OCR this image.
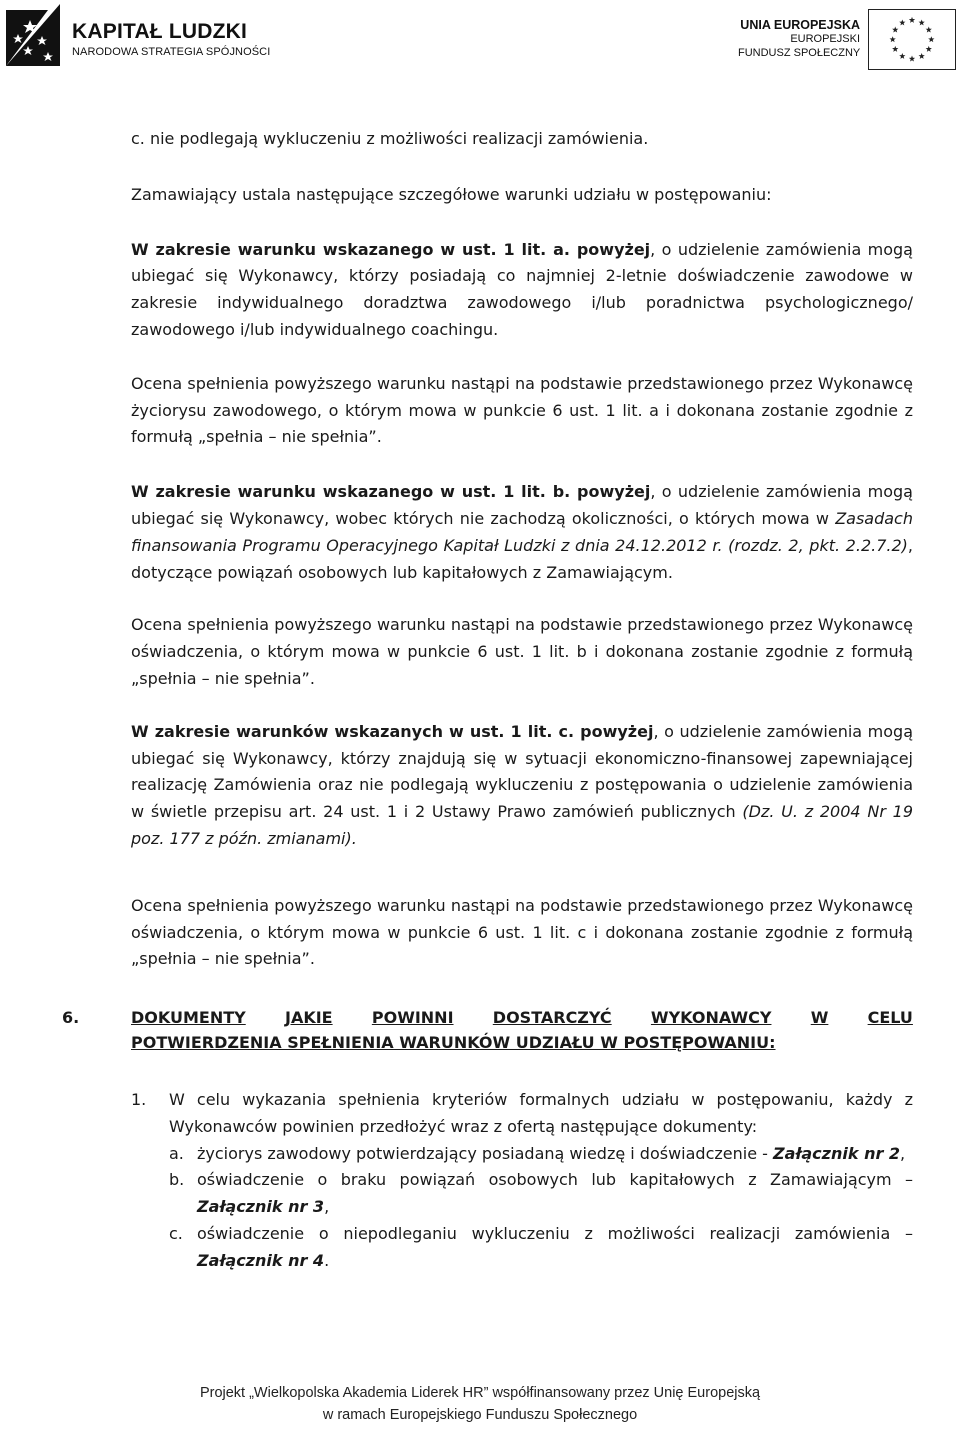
KAPITAŁ LUDZKI
NARODOWA STRATEGIA SPÓJNOŚCI
UNIA EUROPEJSKA
EUROPEJSKI
FUNDUSZ SPOŁECZNY

c. nie podlegają wykluczeniu z możliwości realizacji zamówienia.

Zamawiający ustala następujące szczegółowe warunki udziału w postępowaniu:

W zakresie warunku wskazanego w ust. 1 lit. a. powyżej, o udzielenie zamówienia mogą ubiegać się Wykonawcy, którzy posiadają co najmniej 2-letnie doświadczenie zawodowe w zakresie indywidualnego doradztwa zawodowego i/lub poradnictwa psychologicznego/ zawodowego i/lub indywidualnego coachingu.

Ocena spełnienia powyższego warunku nastąpi na podstawie przedstawionego przez Wykonawcę życiorysu zawodowego, o którym mowa w punkcie 6 ust. 1 lit. a i dokonana zostanie zgodnie z formułą „spełnia – nie spełnia”.

W zakresie warunku wskazanego w ust. 1 lit. b. powyżej, o udzielenie zamówienia mogą ubiegać się Wykonawcy, wobec których nie zachodzą okoliczności, o których mowa w Zasadach finansowania Programu Operacyjnego Kapitał Ludzki z dnia 24.12.2012 r. (rozdz. 2, pkt. 2.2.7.2), dotyczące powiązań osobowych lub kapitałowych z Zamawiającym.

Ocena spełnienia powyższego warunku nastąpi na podstawie przedstawionego przez Wykonawcę oświadczenia, o którym mowa w punkcie 6 ust. 1 lit. b i dokonana zostanie zgodnie z formułą „spełnia – nie spełnia”.

W zakresie warunków wskazanych w ust. 1 lit. c. powyżej, o udzielenie zamówienia mogą ubiegać się Wykonawcy, którzy znajdują się w sytuacji ekonomiczno-finansowej zapewniającej realizację Zamówienia oraz nie podlegają wykluczeniu z postępowania o udzielenie zamówienia w świetle przepisu art. 24 ust. 1 i 2 Ustawy Prawo zamówień publicznych (Dz. U. z 2004 Nr 19 poz. 177 z późn. zmianami).

Ocena spełnienia powyższego warunku nastąpi na podstawie przedstawionego przez Wykonawcę oświadczenia, o którym mowa w punkcie 6 ust. 1 lit. c i dokonana zostanie zgodnie z formułą „spełnia – nie spełnia”.

6.	DOKUMENTY JAKIE POWINNI DOSTARCZYĆ WYKONAWCY W CELU
POTWIERDZENIA SPEŁNIENIA WARUNKÓW UDZIAŁU W POSTĘPOWANIU:
1. W celu wykazania spełnienia kryteriów formalnych udziału w postępowaniu, każdy z Wykonawców powinien przedłożyć wraz z ofertą następujące dokumenty:
a. życiorys zawodowy potwierdzający posiadaną wiedzę i doświadczenie - Załącznik nr 2,
b. oświadczenie o braku powiązań osobowych lub kapitałowych z Zamawiającym – Załącznik nr 3,
c. oświadczenie o niepodleganiu wykluczeniu z możliwości realizacji zamówienia – Załącznik nr 4.
Projekt „Wielkopolska Akademia Liderek HR” współfinansowany przez Unię Europejską
w ramach Europejskiego Funduszu Społecznego
